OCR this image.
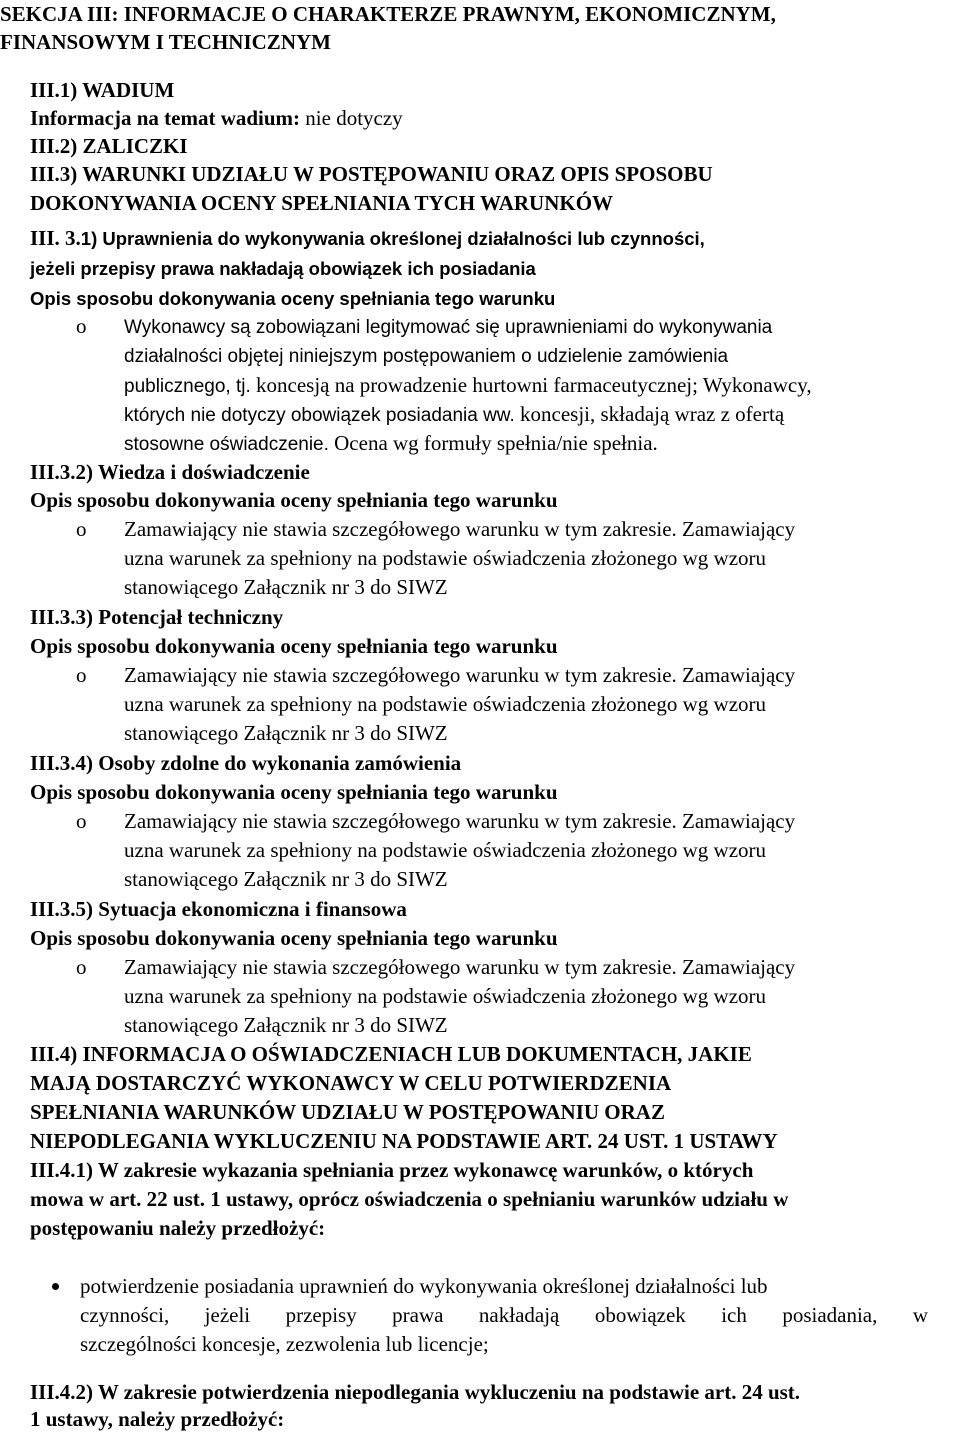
SEKCJA III: INFORMACJE O CHARAKTERZE PRAWNYM, EKONOMICZNYM,
FINANSOWYM I TECHNICZNYM
III.1) WADIUM
Informacja na temat wadium: nie dotyczy
III.2) ZALICZKI
III.3) WARUNKI UDZIAŁU W POSTĘPOWANIU ORAZ OPIS SPOSOBU
DOKONYWANIA OCENY SPEŁNIANIA TYCH WARUNKÓW
III. 3.1) Uprawnienia do wykonywania określonej działalności lub czynności,
jeżeli przepisy prawa nakładają obowiązek ich posiadania
Opis sposobu dokonywania oceny spełniania tego warunku
o Wykonawcy są zobowiązani legitymować się uprawnieniami do wykonywania
działalności objętej niniejszym postępowaniem o udzielenie zamówienia
publicznego, tj. koncesją na prowadzenie hurtowni farmaceutycznej; Wykonawcy,
których nie dotyczy obowiązek posiadania ww. koncesji, składają wraz z ofertą
stosowne oświadczenie. Ocena wg formuły spełnia/nie spełnia.
III.3.2) Wiedza i doświadczenie
Opis sposobu dokonywania oceny spełniania tego warunku
o Zamawiający nie stawia szczegółowego warunku w tym zakresie. Zamawiający
uzna warunek za spełniony na podstawie oświadczenia złożonego wg wzoru
stanowiącego Załącznik nr 3 do SIWZ
III.3.3) Potencjał techniczny
Opis sposobu dokonywania oceny spełniania tego warunku
o Zamawiający nie stawia szczegółowego warunku w tym zakresie. Zamawiający
uzna warunek za spełniony na podstawie oświadczenia złożonego wg wzoru
stanowiącego Załącznik nr 3 do SIWZ
III.3.4) Osoby zdolne do wykonania zamówienia
Opis sposobu dokonywania oceny spełniania tego warunku
o Zamawiający nie stawia szczegółowego warunku w tym zakresie. Zamawiający
uzna warunek za spełniony na podstawie oświadczenia złożonego wg wzoru
stanowiącego Załącznik nr 3 do SIWZ
III.3.5) Sytuacja ekonomiczna i finansowa
Opis sposobu dokonywania oceny spełniania tego warunku
o Zamawiający nie stawia szczegółowego warunku w tym zakresie. Zamawiający
uzna warunek za spełniony na podstawie oświadczenia złożonego wg wzoru
stanowiącego Załącznik nr 3 do SIWZ
III.4) INFORMACJA O OŚWIADCZENIACH LUB DOKUMENTACH, JAKIE
MAJĄ DOSTARCZYĆ WYKONAWCY W CELU POTWIERDZENIA
SPEŁNIANIA WARUNKÓW UDZIAŁU W POSTĘPOWANIU ORAZ
NIEPODLEGANIA WYKLUCZENIU NA PODSTAWIE ART. 24 UST. 1 USTAWY
III.4.1) W zakresie wykazania spełniania przez wykonawcę warunków, o których
mowa w art. 22 ust. 1 ustawy, oprócz oświadczenia o spełnianiu warunków udziału w
postępowaniu należy przedłożyć:
potwierdzenie posiadania uprawnień do wykonywania określonej działalności lub
czynności, jeżeli przepisy prawa nakładają obowiązek ich posiadania, w
szczególności koncesje, zezwolenia lub licencje;
III.4.2) W zakresie potwierdzenia niepodlegania wykluczeniu na podstawie art. 24 ust.
1 ustawy, należy przedłożyć:
